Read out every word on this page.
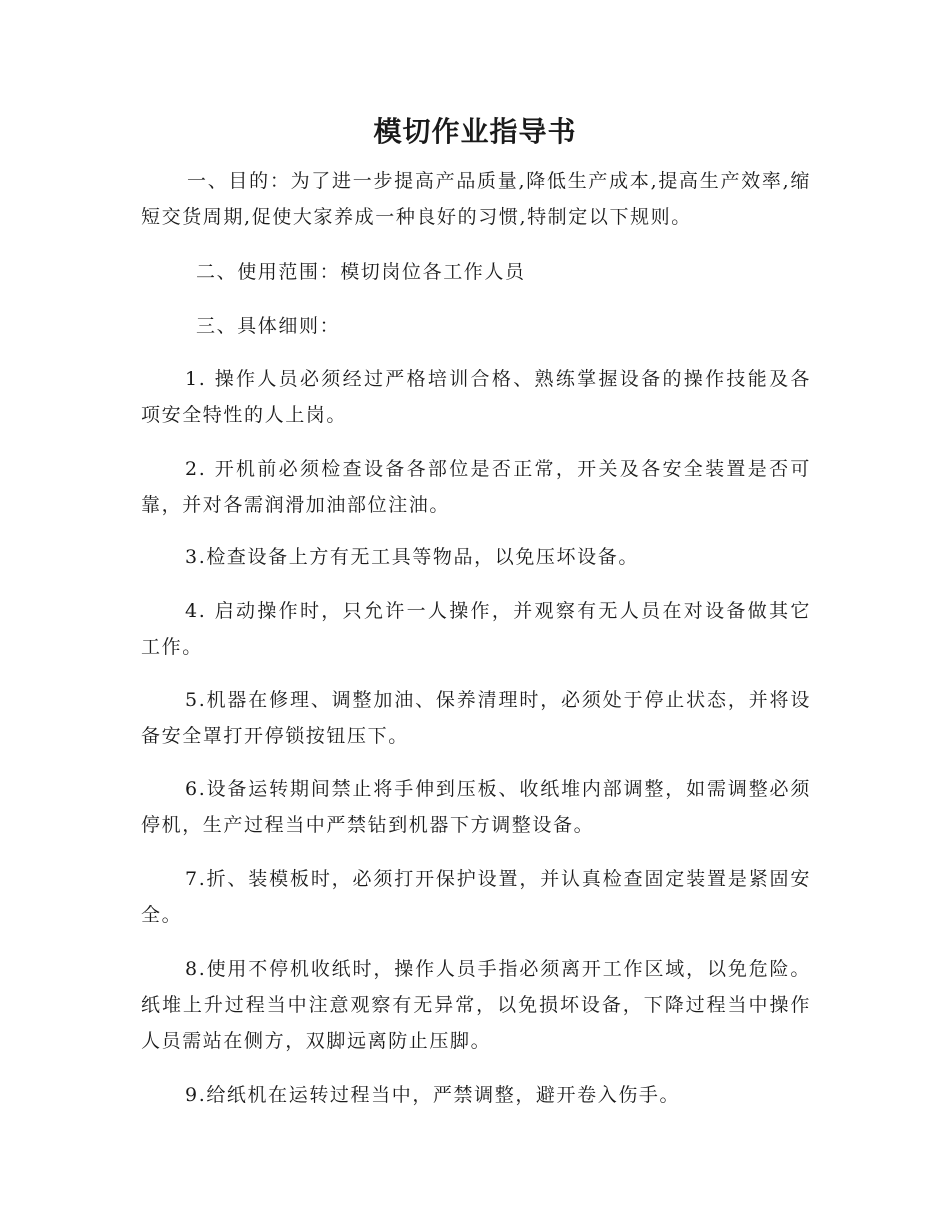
模切作业指导书

一、目的：为了进一步提高产品质量,降低生产成本,提高生产效率,缩短交货周期,促使大家养成一种良好的习惯,特制定以下规则。

二、使用范围：模切岗位各工作人员

三、具体细则：

1. 操作人员必须经过严格培训合格、熟练掌握设备的操作技能及各项安全特性的人上岗。

2. 开机前必须检查设备各部位是否正常，开关及各安全装置是否可靠，并对各需润滑加油部位注油。

3.检查设备上方有无工具等物品，以免压坏设备。

4. 启动操作时，只允许一人操作，并观察有无人员在对设备做其它工作。

5.机器在修理、调整加油、保养清理时，必须处于停止状态，并将设备安全罩打开停锁按钮压下。

6.设备运转期间禁止将手伸到压板、收纸堆内部调整，如需调整必须停机，生产过程当中严禁钻到机器下方调整设备。

7.折、装模板时，必须打开保护设置，并认真检查固定装置是紧固安全。

8.使用不停机收纸时，操作人员手指必须离开工作区域，以免危险。纸堆上升过程当中注意观察有无异常，以免损坏设备，下降过程当中操作人员需站在侧方，双脚远离防止压脚。

9.给纸机在运转过程当中，严禁调整，避开卷入伤手。
